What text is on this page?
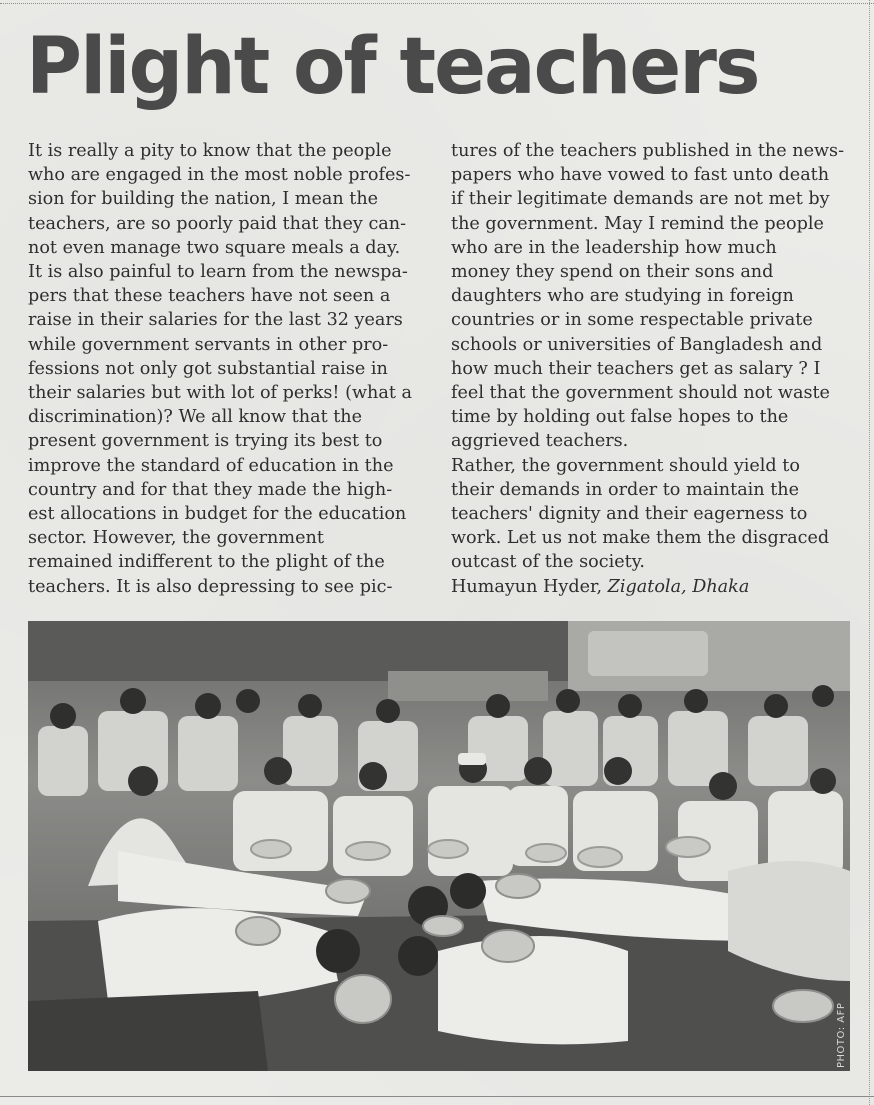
Plight of teachers
It is really a pity to know that the people
who are engaged in the most noble profes-
sion for building the nation, I mean the
teachers, are so poorly paid that they can-
not even manage two square meals a day.
It is also painful to learn from the newspa-
pers that these teachers have not seen a
raise in their salaries for the last 32 years
while government servants in other pro-
fessions not only got substantial raise in
their salaries but with lot of perks! (what a
discrimination)? We all know that the
present government is trying its best to
improve the standard of education in the
country and for that they made the high-
est allocations in budget for the education
sector. However, the government
remained indifferent to the plight of the
teachers. It is also depressing to see pic-
tures of the teachers published in the news-
papers who have vowed to fast unto death
if their legitimate demands are not met by
the government. May I remind the people
who are in the leadership how much
money they spend on their sons and
daughters who are studying in foreign
countries or in some respectable private
schools or universities of Bangladesh and
how much their teachers get as salary ? I
feel that the government should not waste
time by holding out false hopes to the
aggrieved teachers.
Rather, the government should yield to
their demands in order to maintain the
teachers' dignity and their eagerness to
work. Let us not make them the disgraced
outcast of the society.
Humayun Hyder, Zigatola, Dhaka
PHOTO: AFP
